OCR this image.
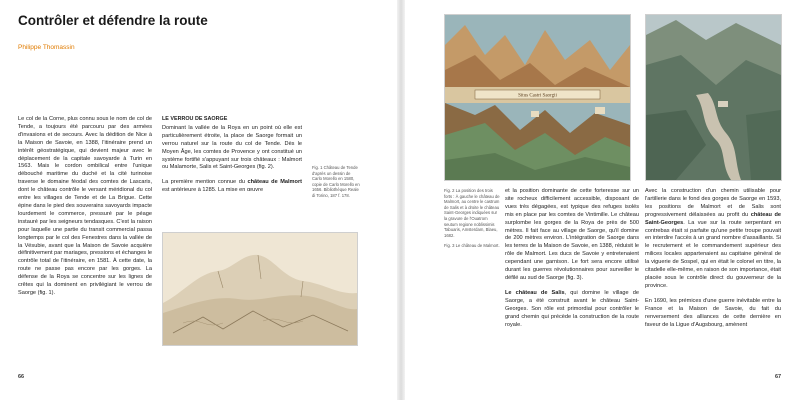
Contrôler et défendre la route
Philippe Thomassin

Le col de la Corne, plus connu sous le nom de col de Tende, a toujours été parcouru par des armées d'invasions et de secours. Avec la dédition de Nice à la Maison de Savoie, en 1388, l'itinéraire prend un intérêt géostratégique, qui devient majeur avec le déplacement de la capitale savoyarde à Turin en 1563. Mais le cordon ombilical entre l'unique débouché maritime du duché et la cité turinoise traverse le domaine féodal des comtes de Lascaris, dont le château contrôle le versant méridional du col entre les villages de Tende et de La Brigue. Cette épine dans le pied des souverains savoyards impacte lourdement le commerce, pressuré par le péage instauré par les seigneurs tendasques. C'est la raison pour laquelle une partie du transit commercial passa longtemps par le col des Fenestres dans la vallée de la Vésubie, avant que la Maison de Savoie acquière définitivement par mariages, pressions et échanges le contrôle total de l'itinéraire, en 1581. À cette date, la route ne passe pas encore par les gorges. La défense de la Roya se concentre sur les lignes de crêtes qui la dominent en privilégiant le verrou de Saorge (fig. 1).

LE VERROU DE SAORGE

Dominant la vallée de la Roya en un point où elle est particulièrement étroite, la place de Saorge formait un verrou naturel sur la route du col de Tende. Dès le Moyen Âge, les comtes de Provence y ont constitué un système fortifié s'appuyant sur trois châteaux : Malmort ou Malamorte, Salis et Saint-Georges (fig. 2).

La première mention connue du château de Malmort est antérieure à 1285. La mise en œuvre

Fig. 1 Château de Tende d'après un dessin de Carlo Morello en 1580, copie de Carlo Morello en 1656. Bibliothèque Reale di Torino, 187 f. 178.
66
Situs Castri Saorgii
Fig. 2 La position des trois forts : À gauche le château de Malmort, au centre le castrum de Salis et à droite le château Saint-Georges indiquées sur la gravure de l'Ouatrom seutum regione noblissimis Tabuaris, Amsterdam, Blaeu, 1682.
Fig. 3 Le château de Malmort.

et la position dominante de cette forteresse sur un site rocheux difficilement accessible, disposant de vues très dégagées, est typique des refuges isolés mis en place par les comtes de Vintimille. Le château surplombe les gorges de la Roya de près de 500 mètres. Il fait face au village de Saorge, qu'il domine de 200 mètres environ. L'intégration de Saorge dans les terres de la Maison de Savoie, en 1388, réduisit le rôle de Malmort. Les ducs de Savoie y entretenaient cependant une garnison. Le fort sera encore utilisé durant les guerres révolutionnaires pour surveiller le défilé au sud de Saorge (fig. 3).

Le château de Salis, qui domine le village de Saorge, a été construit avant le château Saint-Georges. Son rôle est primordial pour contrôler le grand chemin qui précède la construction de la route royale.

Avec la construction d'un chemin utilisable pour l'artillerie dans le fond des gorges de Saorge en 1593, les positions de Malmort et de Salis sont progressivement délaissées au profit du château de Saint-Georges. La vue sur la route serpentant en contrebas était si parfaite qu'une petite troupe pouvait en interdire l'accès à un grand nombre d'assaillants. Si le recrutement et le commandement supérieur des milices locales appartenaient au capitaine général de la viguerie de Sospel, qui en était le colonel en titre, la citadelle elle-même, en raison de son importance, était placée sous le contrôle direct du gouverneur de la province.

En 1690, les prémices d'une guerre inévitable entre la France et la Maison de Savoie, du fait du renversement des alliances de cette dernière en faveur de la Ligue d'Augsbourg, amènent

67
